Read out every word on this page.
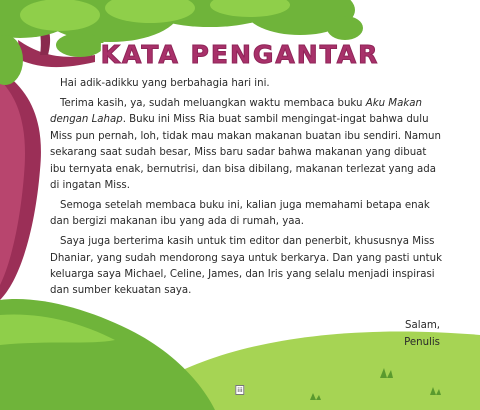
KATA PENGANTAR

Hai adik-adikku yang berbahagia hari ini.

Terima kasih, ya, sudah meluangkan waktu membaca buku Aku Makan dengan Lahap. Buku ini Miss Ria buat sambil mengingat-ingat bahwa dulu Miss pun pernah, loh, tidak mau makan makanan buatan ibu sendiri. Namun sekarang saat sudah besar, Miss baru sadar bahwa makanan yang dibuat ibu ternyata enak, bernutrisi, dan bisa dibilang, makanan terlezat yang ada di ingatan Miss.

Semoga setelah membaca buku ini, kalian juga memahami betapa enak dan bergizi makanan ibu yang ada di rumah, yaa.

Saya juga berterima kasih untuk tim editor dan penerbit, khususnya Miss Dhaniar, yang sudah mendorong saya untuk berkarya. Dan yang pasti untuk keluarga saya Michael, Celine, James, dan Iris yang selalu menjadi inspirasi dan sumber kekuatan saya.

Salam,
Penulis
iii
